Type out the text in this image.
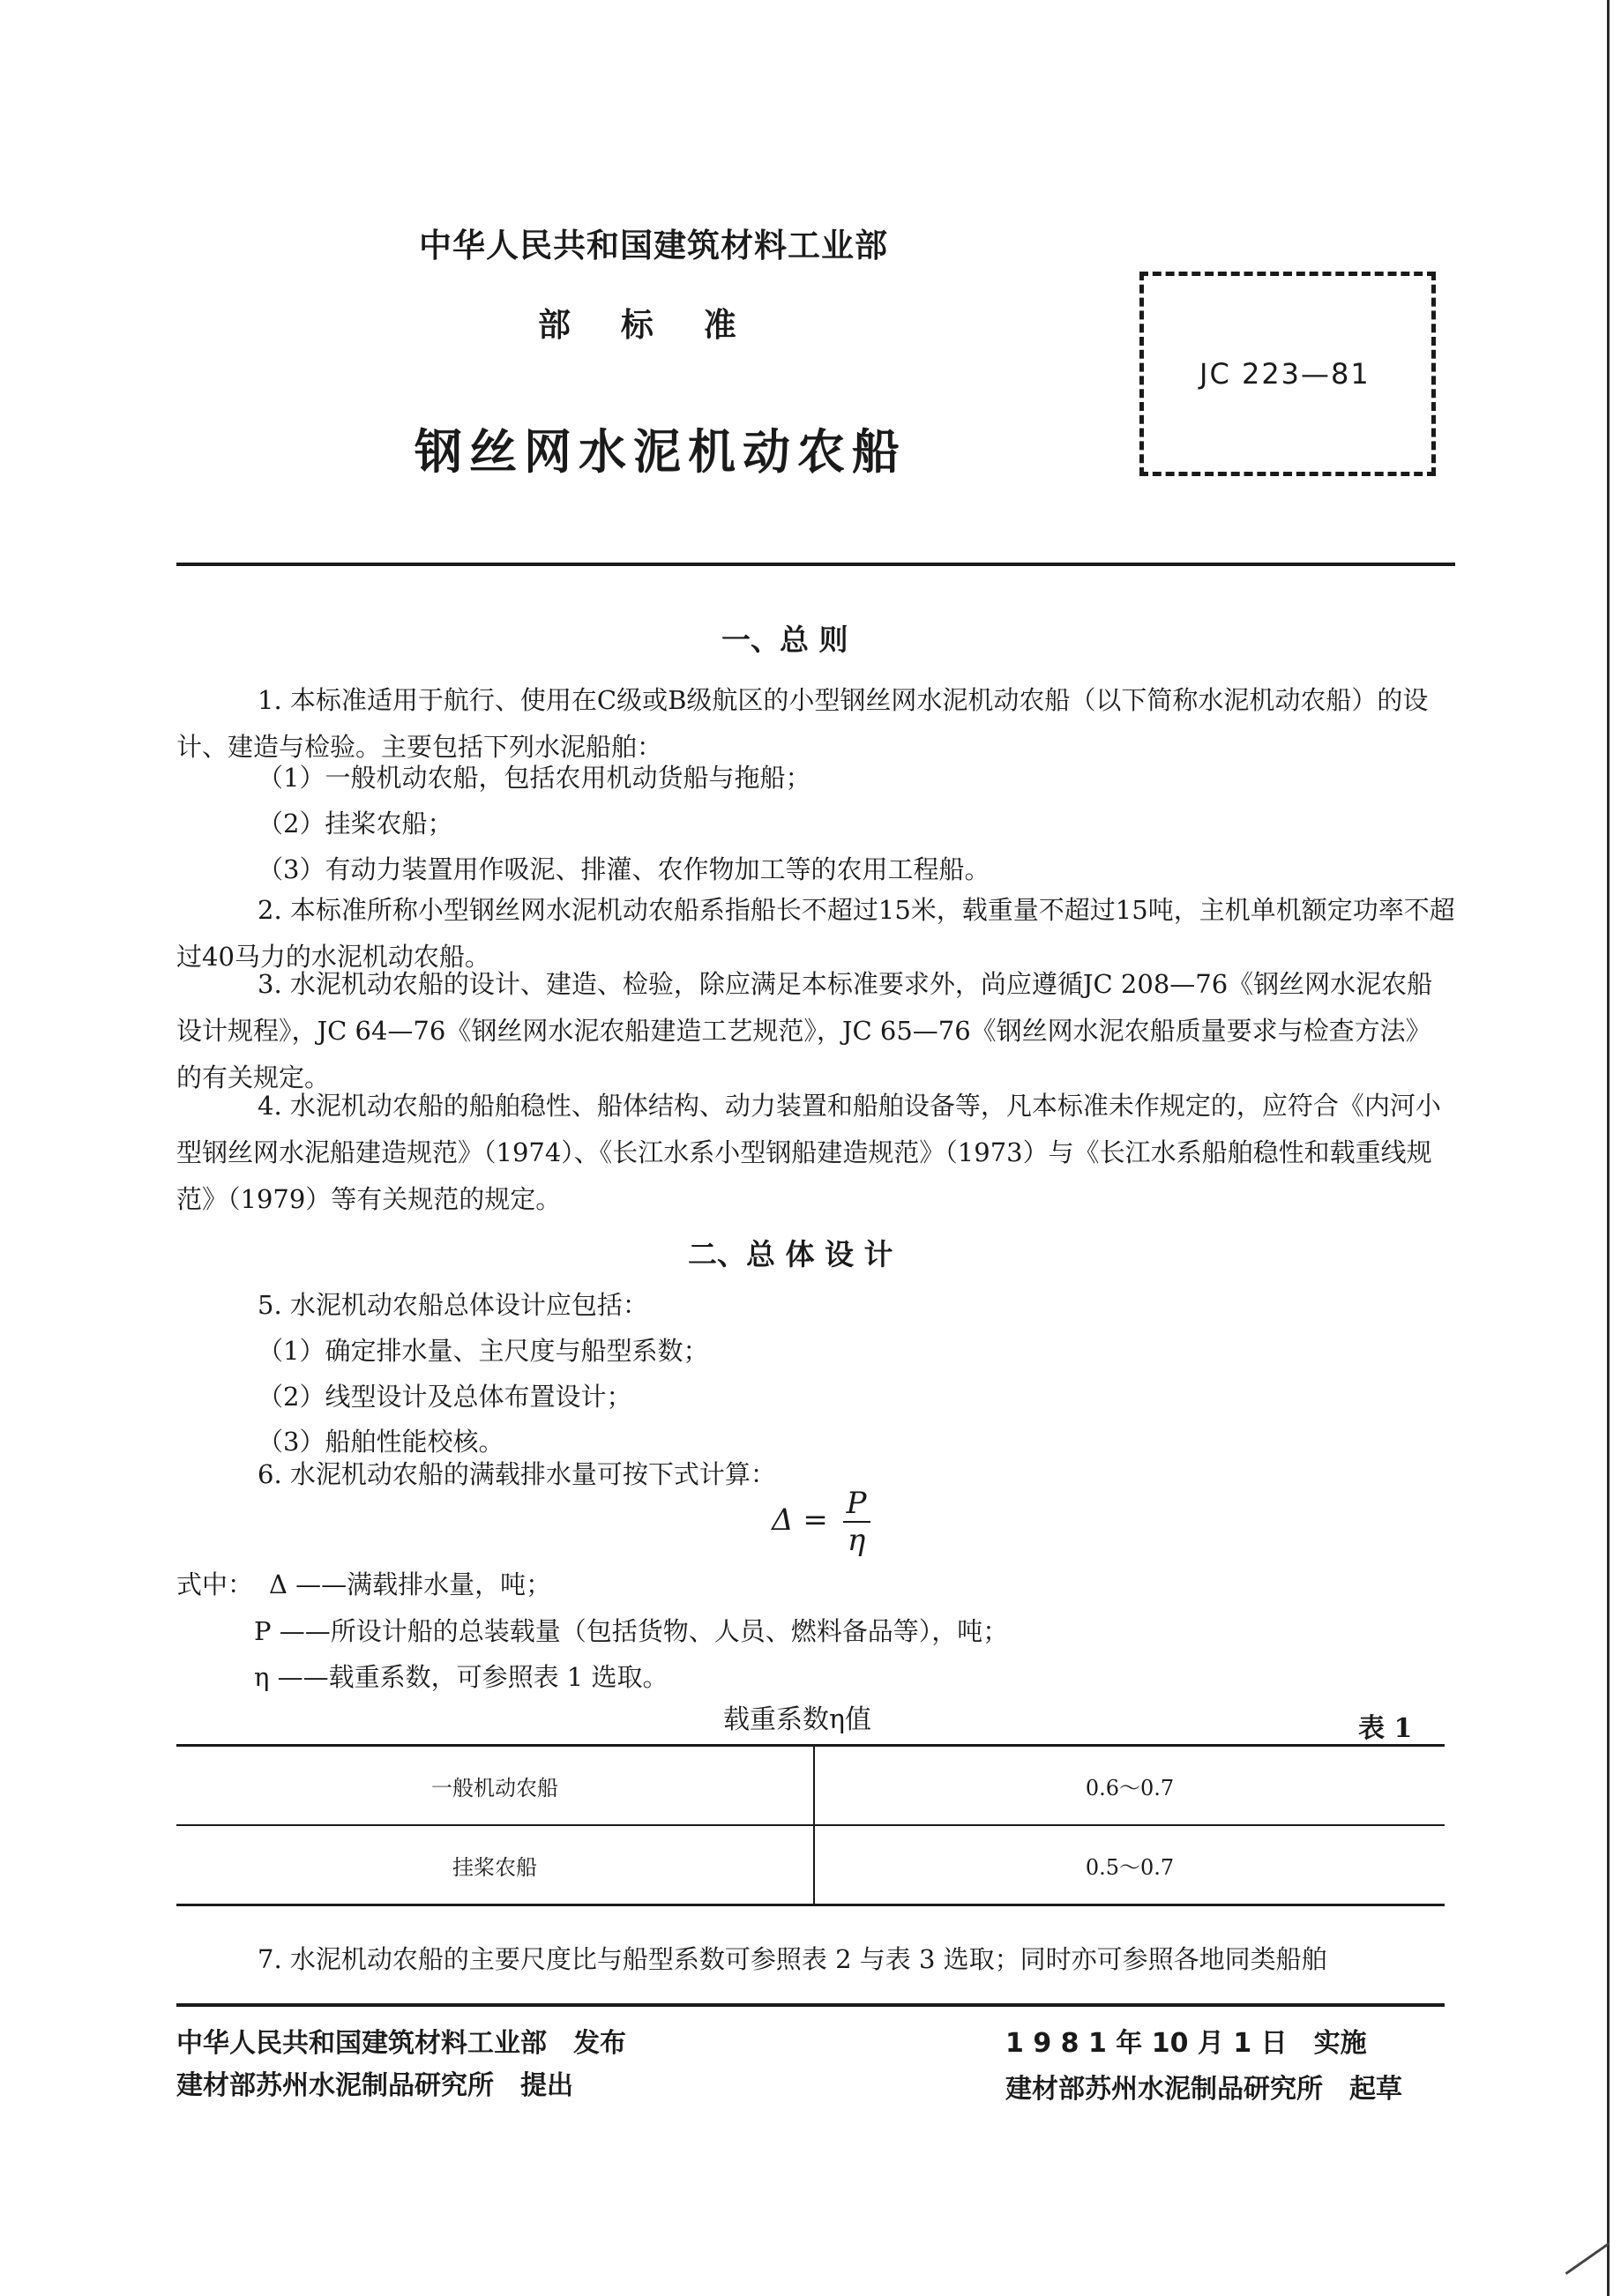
中华人民共和国建筑材料工业部
部 标 准
钢丝网水泥机动农船
JC 223—81
一、总 则
1. 本标准适用于航行、使用在C级或B级航区的小型钢丝网水泥机动农船（以下简称水泥机动农船）的设计、建造与检验。主要包括下列水泥船舶：
（1）一般机动农船，包括农用机动货船与拖船；
（2）挂桨农船；
（3）有动力装置用作吸泥、排灌、农作物加工等的农用工程船。
2. 本标准所称小型钢丝网水泥机动农船系指船长不超过15米，载重量不超过15吨，主机单机额定功率不超过40马力的水泥机动农船。
3. 水泥机动农船的设计、建造、检验，除应满足本标准要求外，尚应遵循JC 208—76《钢丝网水泥农船设计规程》，JC 64—76《钢丝网水泥农船建造工艺规范》，JC 65—76《钢丝网水泥农船质量要求与检查方法》的有关规定。
4. 水泥机动农船的船舶稳性、船体结构、动力装置和船舶设备等，凡本标准未作规定的，应符合《内河小型钢丝网水泥船建造规范》（1974）、《长江水系小型钢船建造规范》（1973）与《长江水系船舶稳性和载重线规范》（1979）等有关规范的规定。
二、总 体 设 计
5. 水泥机动农船总体设计应包括：
（1）确定排水量、主尺度与船型系数；
（2）线型设计及总体布置设计；
（3）船舶性能校核。
6. 水泥机动农船的满载排水量可按下式计算：
$\Delta = \frac{P}{\eta}$
式中： Δ ——满载排水量，吨；
P ——所设计船的总装载量（包括货物、人员、燃料备品等），吨；
η ——载重系数，可参照表 1 选取。
载重系数η值	表 1
一般机动农船	0.6～0.7
挂桨农船	0.5～0.7
7. 水泥机动农船的主要尺度比与船型系数可参照表 2 与表 3 选取；同时亦可参照各地同类船舶
中华人民共和国建筑材料工业部　发布
建材部苏州水泥制品研究所　提出
1 9 8 1 年 10 月 1 日　实施
建材部苏州水泥制品研究所　起草
